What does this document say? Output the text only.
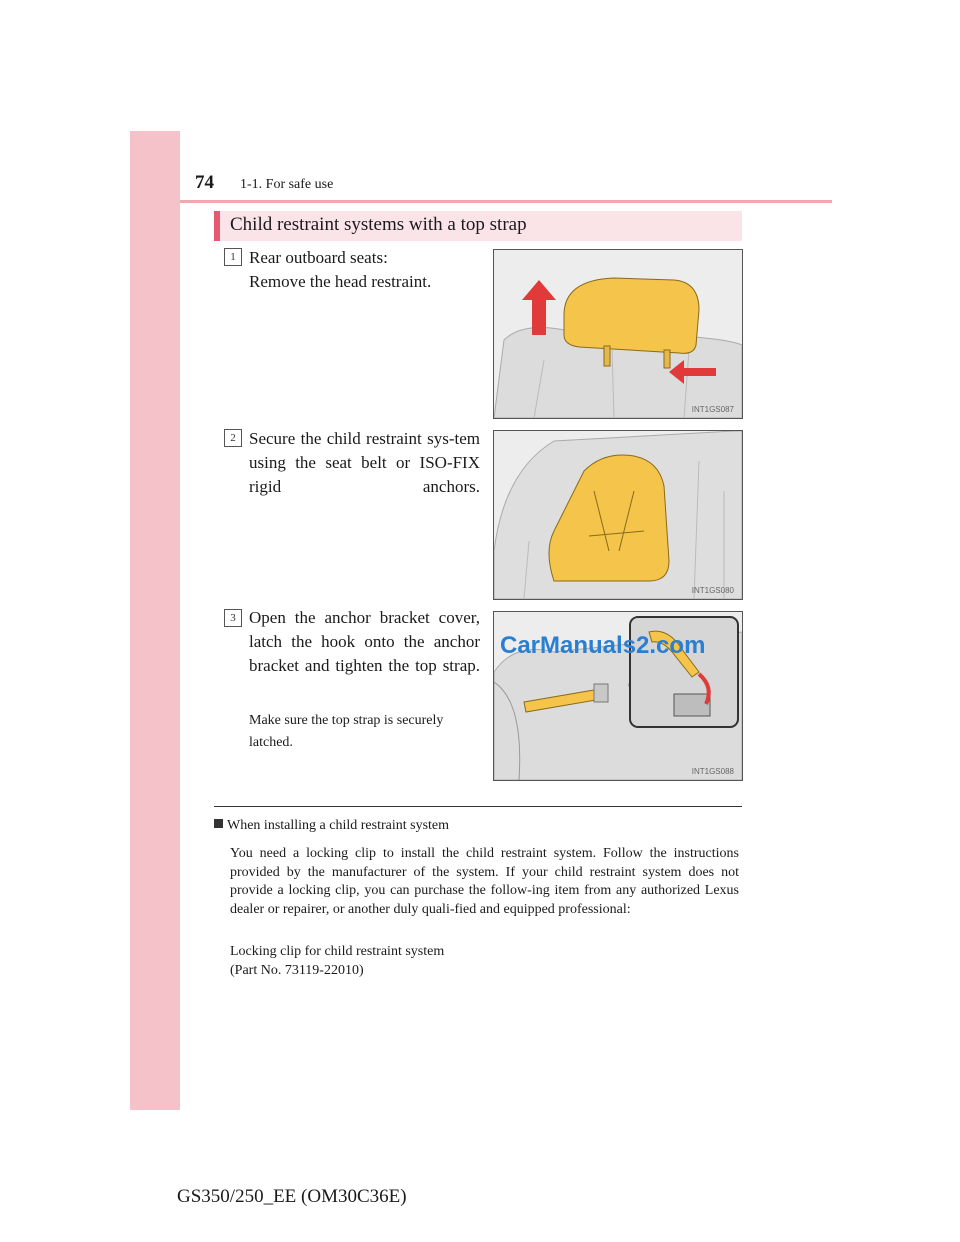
74 1-1. For safe use
Child restraint systems with a top strap
1 Rear outboard seats:
Remove the head restraint.
INT1GS087
2 Secure the child restraint sys-tem using the seat belt or ISO-FIX rigid anchors.
INT1GS080
3 Open the anchor bracket cover, latch the hook onto the anchor bracket and tighten the top strap.
Make sure the top strap is securely latched.
INT1GS088
CarManuals2.com
When installing a child restraint system
You need a locking clip to install the child restraint system. Follow the instructions provided by the manufacturer of the system. If your child restraint system does not provide a locking clip, you can purchase the follow-ing item from any authorized Lexus dealer or repairer, or another duly quali-fied and equipped professional:
Locking clip for child restraint system
(Part No. 73119-22010)
GS350/250_EE (OM30C36E)
